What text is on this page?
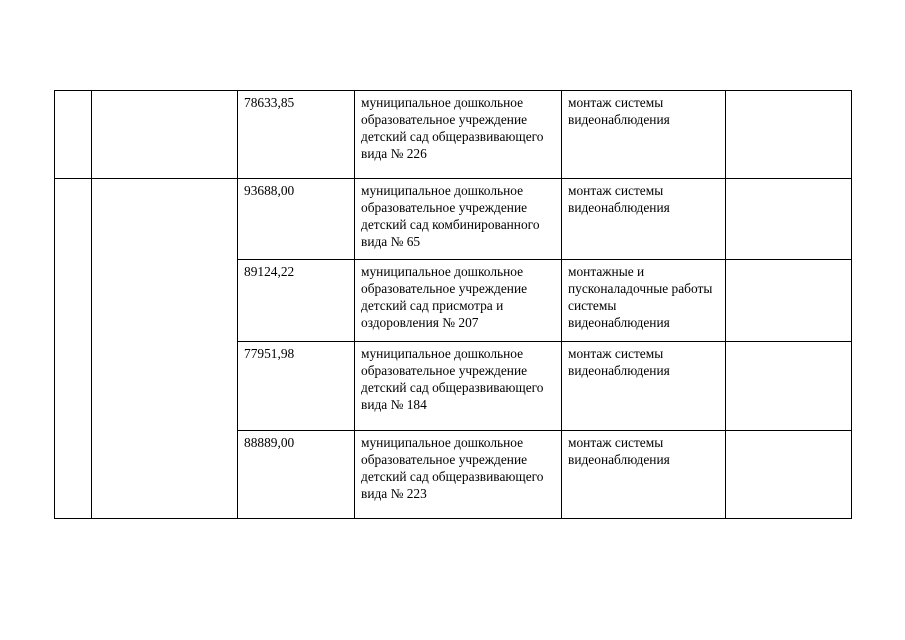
		78633,85	муниципальное дошкольное образовательное учреждение детский сад общеразвивающего вида № 226	монтаж системы видеонаблюдения	
		93688,00	муниципальное дошкольное образовательное учреждение детский сад комбинированного вида № 65	монтаж системы видеонаблюдения	
		89124,22	муниципальное дошкольное образовательное учреждение детский сад присмотра и оздоровления № 207	монтажные и пусконаладочные работы системы видеонаблюдения	
		77951,98	муниципальное дошкольное образовательное учреждение детский сад общеразвивающего вида № 184	монтаж системы видеонаблюдения	
		88889,00	муниципальное дошкольное образовательное учреждение детский сад общеразвивающего вида № 223	монтаж системы видеонаблюдения	
